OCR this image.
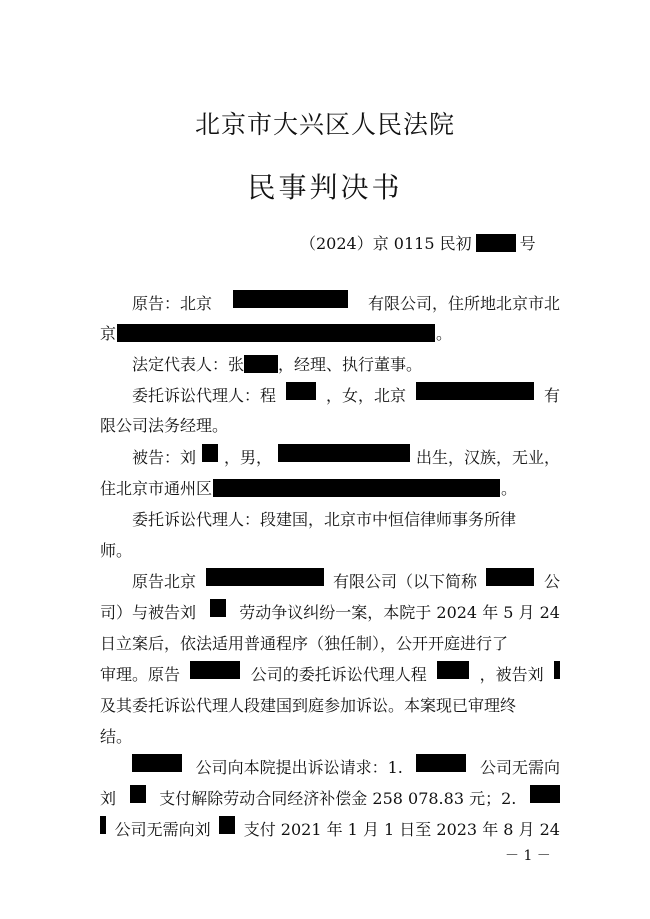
北京市大兴区人民法院
民事判决书
（2024）京 0115 民初	号
原告：北京	有限公司，住所地北京市北
京	。
法定代表人：张 ，经理、执行董事。
委托诉讼代理人：程	，女，北京	有
限公司法务经理。
被告：刘 ，男，	出生，汉族，无业，
住北京市通州区	。
委托诉讼代理人：段建国，北京市中恒信律师事务所律
师。
原告北京	有限公司（以下简称	公
司）与被告刘	劳动争议纠纷一案，本院于 2024 年 5 月 24
日立案后，依法适用普通程序（独任制），公开开庭进行了
审理。原告	公司的委托诉讼代理人程	，被告刘
及其委托诉讼代理人段建国到庭参加诉讼。本案现已审理终
结。
公司向本院提出诉讼请求：1.	公司无需向
刘	支付解除劳动合同经济补偿金 258 078.83 元；2.
公司无需向刘 支付 2021 年 1 月 1 日至 2023 年 8 月 24
－ 1 －
